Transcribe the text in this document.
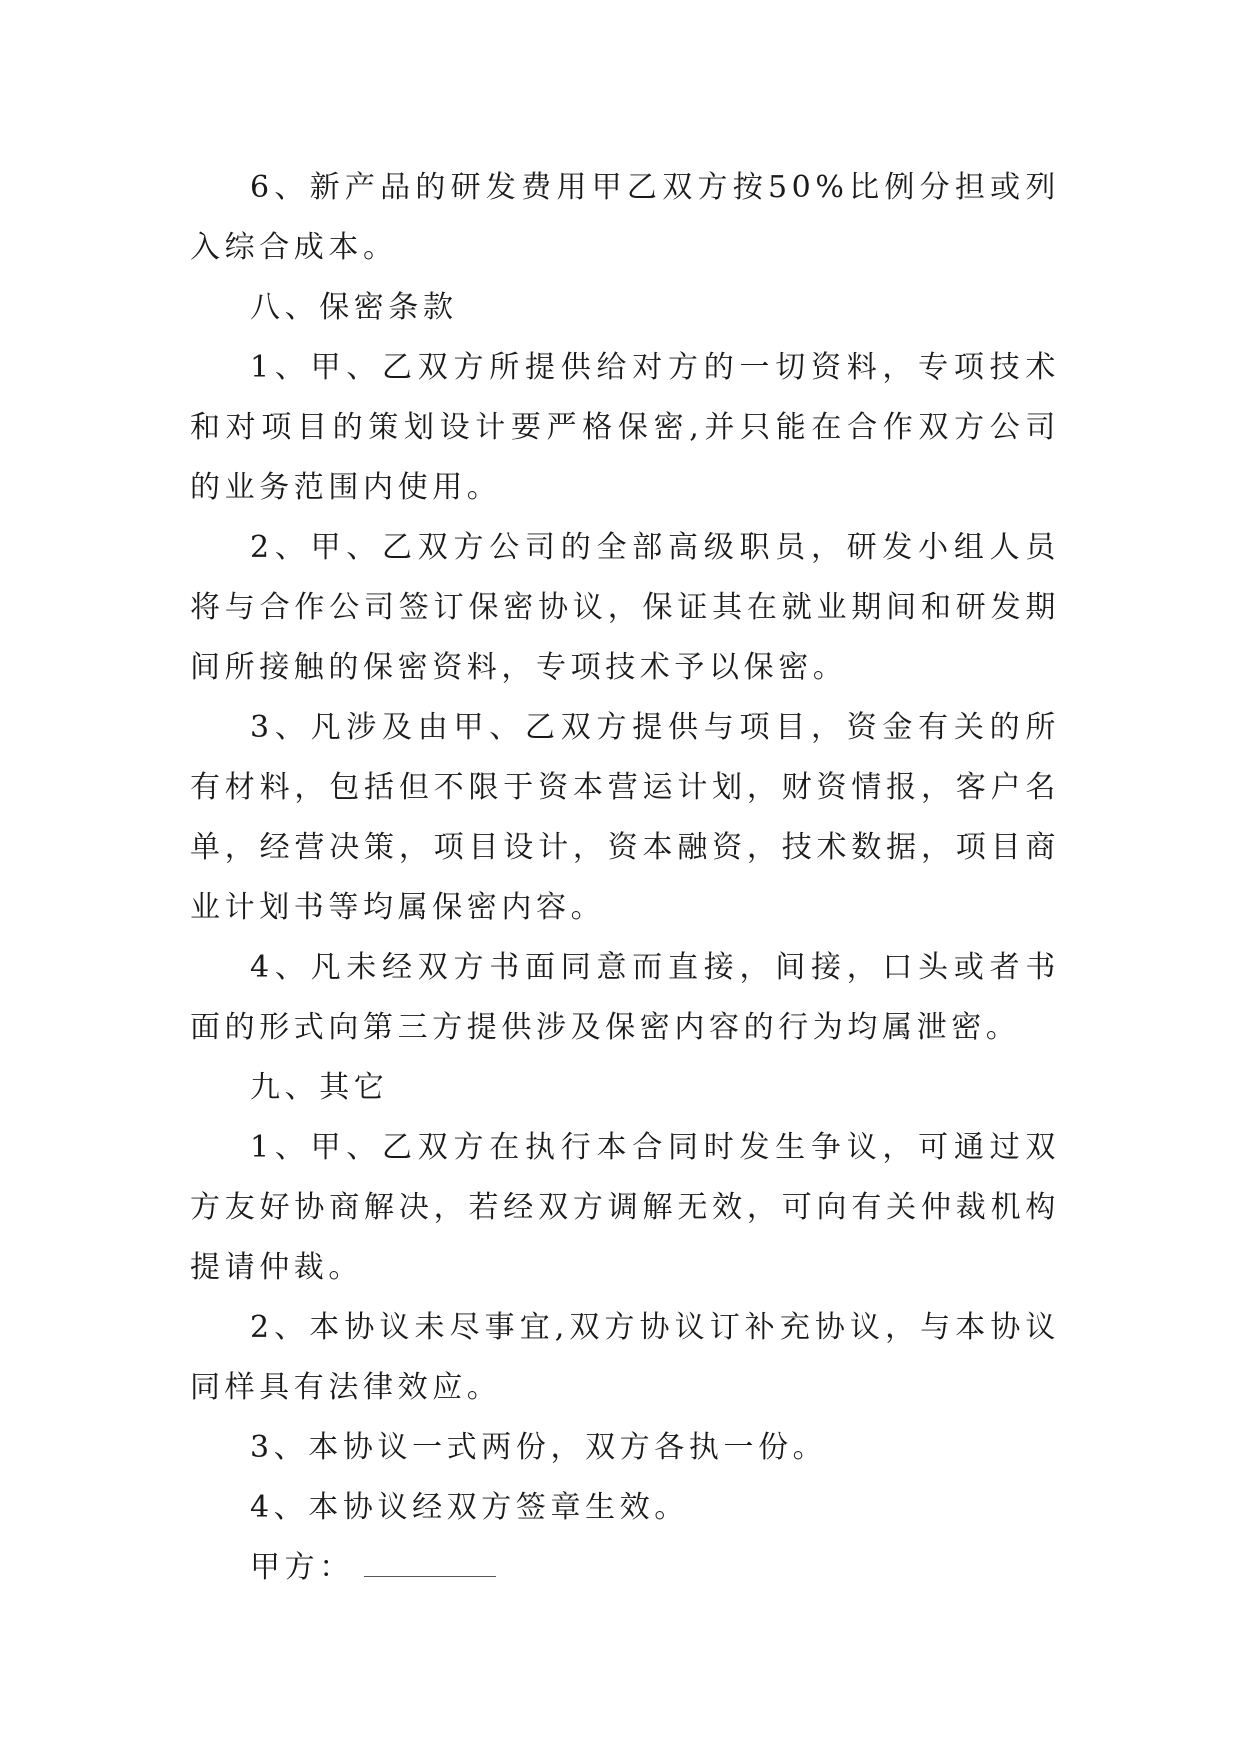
6、新产品的研发费用甲乙双方按50%比例分担或列入综合成本。

八、保密条款

1、甲、乙双方所提供给对方的一切资料，专项技术和对项目的策划设计要严格保密,并只能在合作双方公司的业务范围内使用。

2、甲、乙双方公司的全部高级职员，研发小组人员将与合作公司签订保密协议，保证其在就业期间和研发期间所接触的保密资料，专项技术予以保密。

3、凡涉及由甲、乙双方提供与项目，资金有关的所有材料，包括但不限于资本营运计划，财资情报，客户名单，经营决策，项目设计，资本融资，技术数据，项目商业计划书等均属保密内容。

4、凡未经双方书面同意而直接，间接，口头或者书面的形式向第三方提供涉及保密内容的行为均属泄密。

九、其它

1、甲、乙双方在执行本合同时发生争议，可通过双方友好协商解决，若经双方调解无效，可向有关仲裁机构提请仲裁。

2、本协议未尽事宜,双方协议订补充协议，与本协议同样具有法律效应。

3、本协议一式两份，双方各执一份。

4、本协议经双方签章生效。

甲方：
